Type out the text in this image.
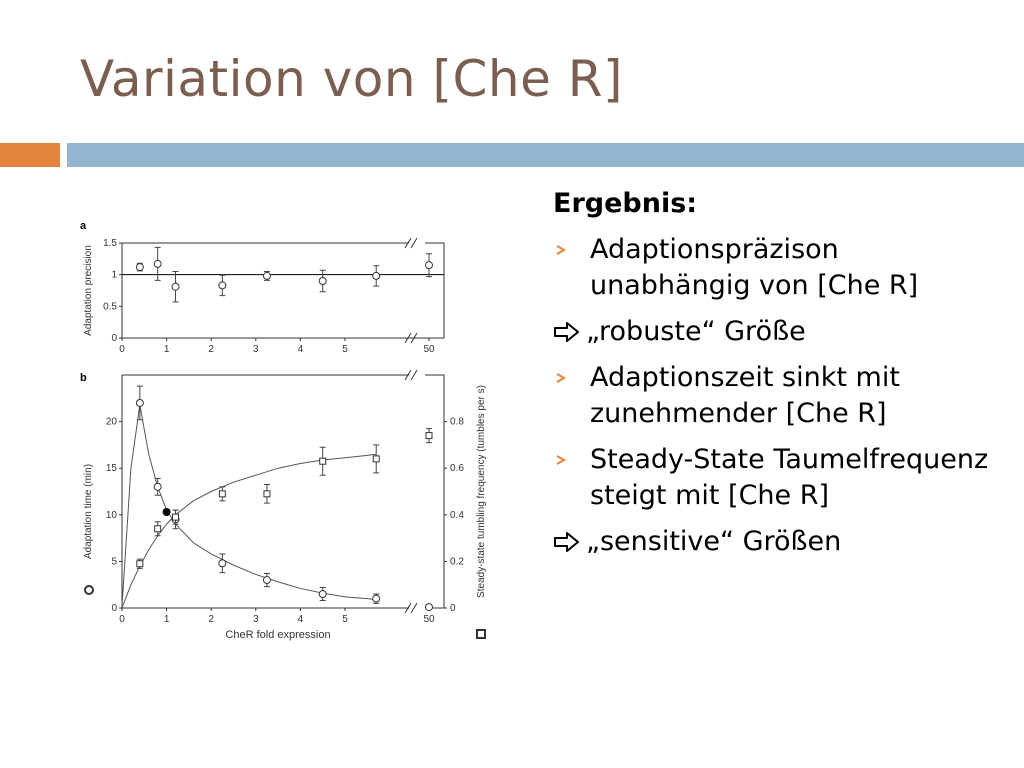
Variation von [Che R]
a
Adaptation precision
0
0.5
1
1.5
0	1	2	3	4	5	50
b
Adaptation time (min)	Steady-state tumbling frequency (tumbles per s)
CheR fold expression
0
5
10
15
20
0
0.2
0.4
0.6
0.8
0	1	2	3	4	5	50
Ergebnis:
Adaptionspräzison unabhängig von [Che R]
„robuste“ Größe
Adaptionszeit sinkt mit zunehmender [Che R]
Steady-State Taumelfrequenz steigt mit [Che R]
„sensitive“ Größen
